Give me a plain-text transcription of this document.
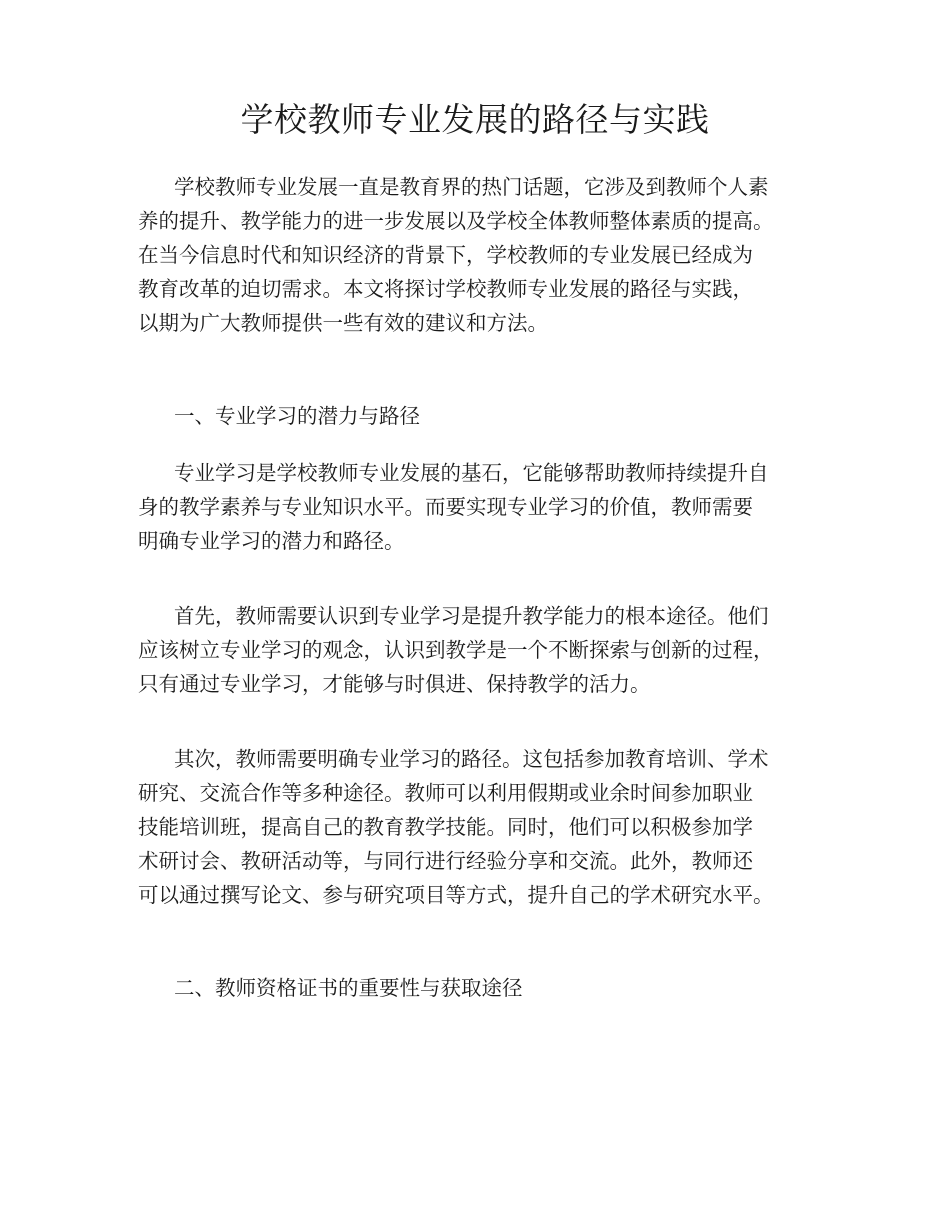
学校教师专业发展的路径与实践
学校教师专业发展一直是教育界的热门话题，它涉及到教师个人素
养的提升、教学能力的进一步发展以及学校全体教师整体素质的提高。
在当今信息时代和知识经济的背景下，学校教师的专业发展已经成为
教育改革的迫切需求。本文将探讨学校教师专业发展的路径与实践，
以期为广大教师提供一些有效的建议和方法。
一、专业学习的潜力与路径
专业学习是学校教师专业发展的基石，它能够帮助教师持续提升自
身的教学素养与专业知识水平。而要实现专业学习的价值，教师需要
明确专业学习的潜力和路径。
首先，教师需要认识到专业学习是提升教学能力的根本途径。他们
应该树立专业学习的观念，认识到教学是一个不断探索与创新的过程，
只有通过专业学习，才能够与时俱进、保持教学的活力。
其次，教师需要明确专业学习的路径。这包括参加教育培训、学术
研究、交流合作等多种途径。教师可以利用假期或业余时间参加职业
技能培训班，提高自己的教育教学技能。同时，他们可以积极参加学
术研讨会、教研活动等，与同行进行经验分享和交流。此外，教师还
可以通过撰写论文、参与研究项目等方式，提升自己的学术研究水平。
二、教师资格证书的重要性与获取途径
